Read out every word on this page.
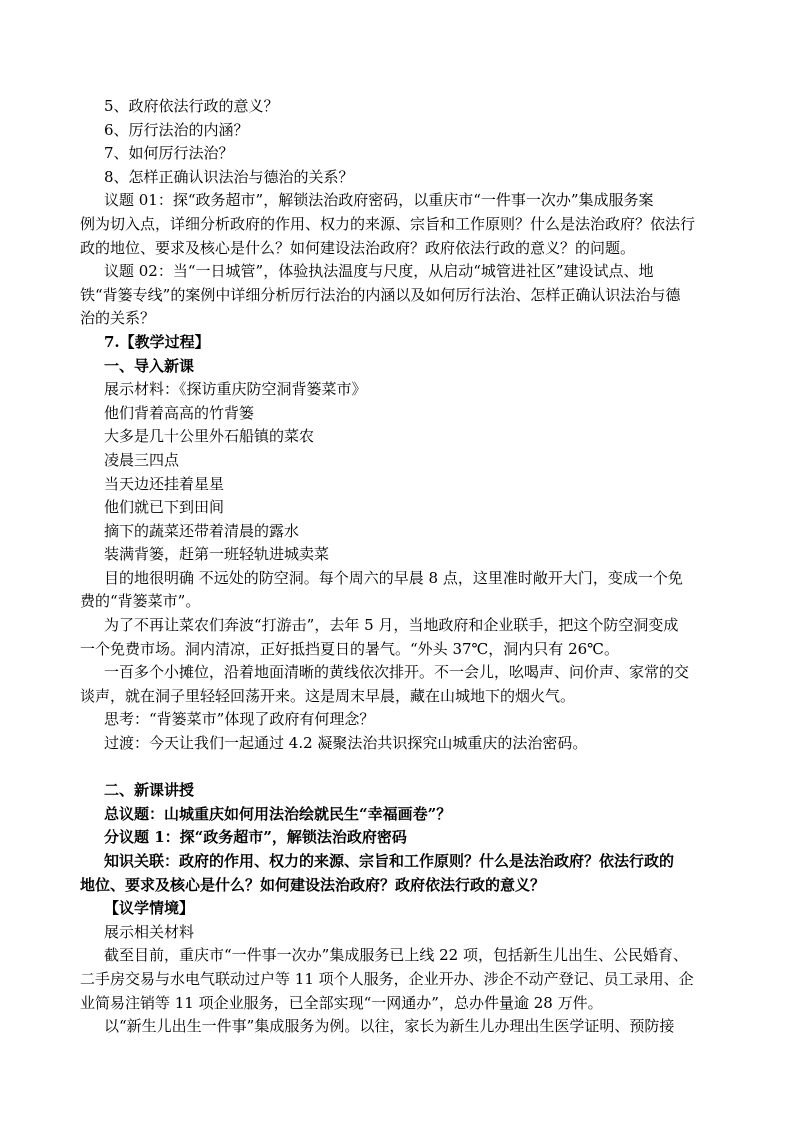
5、政府依法行政的意义？

6、厉行法治的内涵？

7、如何厉行法治？

8、怎样正确认识法治与德治的关系？

议题 01：探“政务超市”，解锁法治政府密码，以重庆市“一件事一次办”集成服务案

例为切入点，详细分析政府的作用、权力的来源、宗旨和工作原则？什么是法治政府？依法行

政的地位、要求及核心是什么？如何建设法治政府？政府依法行政的意义？的问题。

议题 02：当“一日城管”，体验执法温度与尺度，从启动“城管进社区”建设试点、地

铁“背篓专线”的案例中详细分析厉行法治的内涵以及如何厉行法治、怎样正确认识法治与德

治的关系？

7.【教学过程】

一、导入新课

展示材料：《探访重庆防空洞背篓菜市》

他们背着高高的竹背篓

大多是几十公里外石船镇的菜农

凌晨三四点

当天边还挂着星星

他们就已下到田间

摘下的蔬菜还带着清晨的露水

装满背篓，赶第一班轻轨进城卖菜

目的地很明确 不远处的防空洞。每个周六的早晨 8 点，这里准时敞开大门，变成一个免

费的“背篓菜市”。

为了不再让菜农们奔波“打游击”，去年 5 月，当地政府和企业联手，把这个防空洞变成

一个免费市场。洞内清凉，正好抵挡夏日的暑气。“外头 37℃，洞内只有 26℃。

一百多个小摊位，沿着地面清晰的黄线依次排开。不一会儿，吆喝声、问价声、家常的交

谈声，就在洞子里轻轻回荡开来。这是周末早晨，藏在山城地下的烟火气。

思考：“背篓菜市”体现了政府有何理念？

过渡：今天让我们一起通过 4.2 凝聚法治共识探究山城重庆的法治密码。

二、新课讲授

总议题：山城重庆如何用法治绘就民生“幸福画卷”？

分议题 1：探“政务超市”，解锁法治政府密码

知识关联：政府的作用、权力的来源、宗旨和工作原则？什么是法治政府？依法行政的

地位、要求及核心是什么？如何建设法治政府？政府依法行政的意义？

【议学情境】

展示相关材料

截至目前，重庆市“一件事一次办”集成服务已上线 22 项，包括新生儿出生、公民婚育、

二手房交易与水电气联动过户等 11 项个人服务，企业开办、涉企不动产登记、员工录用、企

业简易注销等 11 项企业服务，已全部实现“一网通办”，总办件量逾 28 万件。

以“新生儿出生一件事”集成服务为例。以往，家长为新生儿办理出生医学证明、预防接
